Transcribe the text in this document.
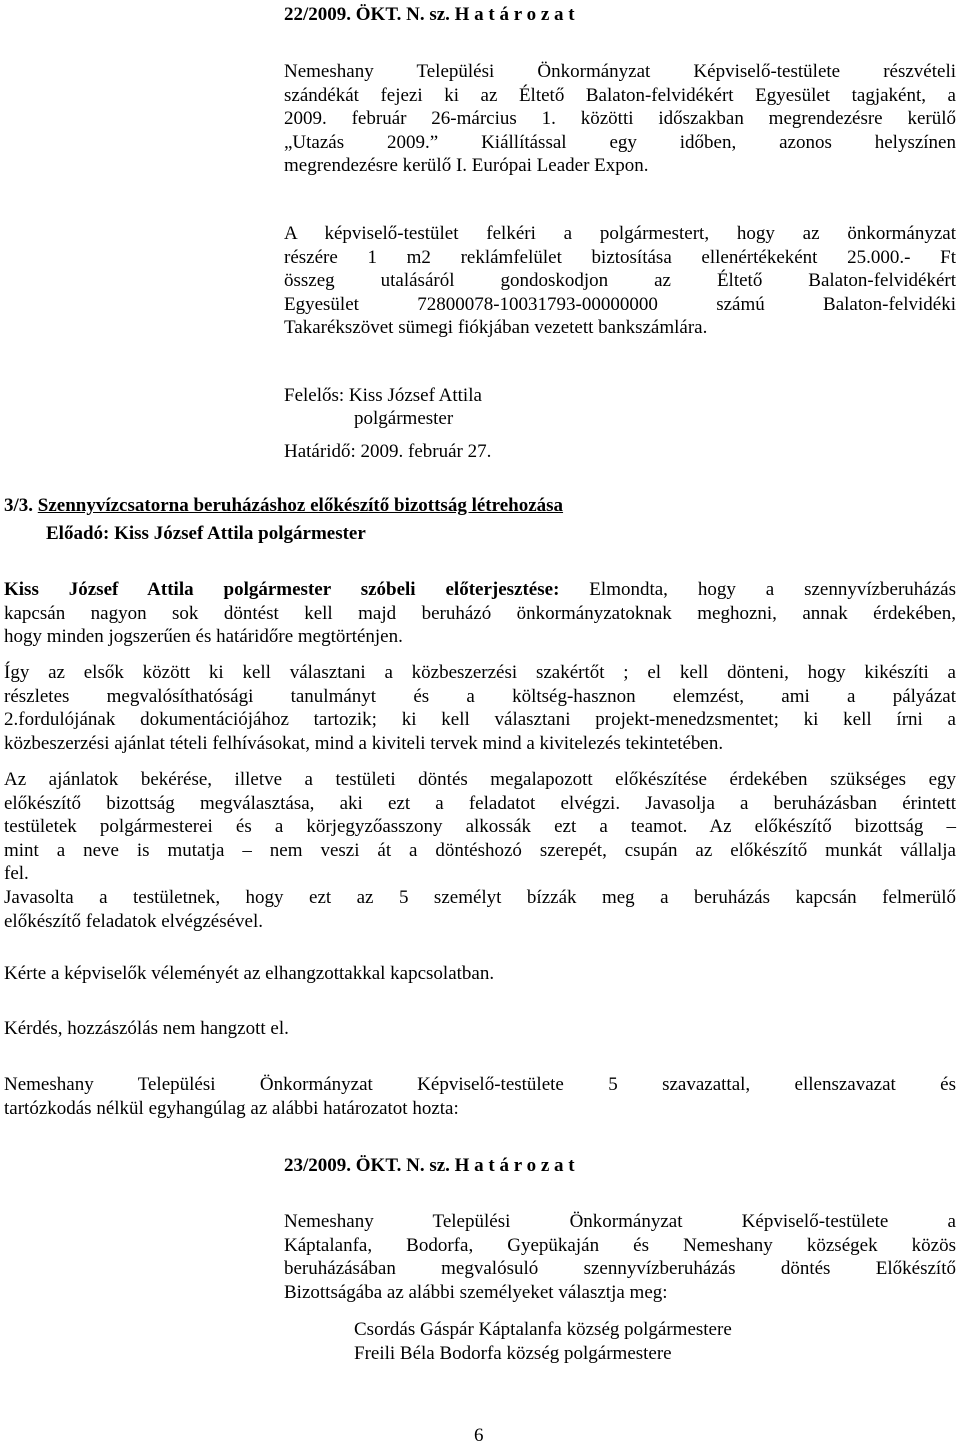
22/2009. ÖKT. N. sz. H a t á r o z a t
Nemeshany Települési Önkormányzat Képviselő-testülete részvételi
szándékát fejezi ki az Éltető Balaton-felvidékért Egyesület tagjaként, a
2009. február 26-március 1. közötti időszakban megrendezésre kerülő
„Utazás 2009.” Kiállítással egy időben, azonos helyszínen
megrendezésre kerülő I. Európai Leader Expon.
A képviselő-testület felkéri a polgármestert, hogy az önkormányzat
részére 1 m2 reklámfelület biztosítása ellenértékeként 25.000.- Ft
összeg utalásáról gondoskodjon az Éltető Balaton-felvidékért
Egyesület 72800078-10031793-00000000 számú Balaton-felvidéki
Takarékszövet sümegi fiókjában vezetett bankszámlára.
Felelős: Kiss József Attila
polgármester
Határidő: 2009. február 27.
3/3. Szennyvízcsatorna beruházáshoz előkészítő bizottság létrehozása
Előadó: Kiss József Attila polgármester
Kiss József Attila polgármester szóbeli előterjesztése: Elmondta, hogy a szennyvízberuházás
kapcsán nagyon sok döntést kell majd beruházó önkormányzatoknak meghozni, annak érdekében,
hogy minden jogszerűen és határidőre megtörténjen.
Így az elsők között ki kell választani a közbeszerzési szakértőt ; el kell dönteni, hogy kikészíti a
részletes megvalósíthatósági tanulmányt és a költség-hasznon elemzést, ami a pályázat
2.fordulójának dokumentációjához tartozik; ki kell választani projekt-menedzsmentet; ki kell írni a
közbeszerzési ajánlat tételi felhívásokat, mind a kiviteli tervek mind a kivitelezés tekintetében.
Az ajánlatok bekérése, illetve a testületi döntés megalapozott előkészítése érdekében szükséges egy
előkészítő bizottság megválasztása, aki ezt a feladatot elvégzi. Javasolja a beruházásban érintett
testületek polgármesterei és a körjegyzőasszony alkossák ezt a teamot. Az előkészítő bizottság –
mint a neve is mutatja – nem veszi át a döntéshozó szerepét, csupán az előkészítő munkát vállalja
fel.
Javasolta a testületnek, hogy ezt az 5 személyt bízzák meg a beruházás kapcsán felmerülő
előkészítő feladatok elvégzésével.
Kérte a képviselők véleményét az elhangzottakkal kapcsolatban.
Kérdés, hozzászólás nem hangzott el.
Nemeshany Települési Önkormányzat Képviselő-testülete 5 szavazattal, ellenszavazat és
tartózkodás nélkül egyhangúlag az alábbi határozatot hozta:
23/2009. ÖKT. N. sz. H a t á r o z a t
Nemeshany Települési Önkormányzat Képviselő-testülete a
Káptalanfa, Bodorfa, Gyepükaján és Nemeshany községek közös
beruházásában megvalósuló szennyvízberuházás döntés Előkészítő
Bizottságába az alábbi személyeket választja meg:
Csordás Gáspár Káptalanfa község polgármestere
Freili Béla Bodorfa község polgármestere
6
